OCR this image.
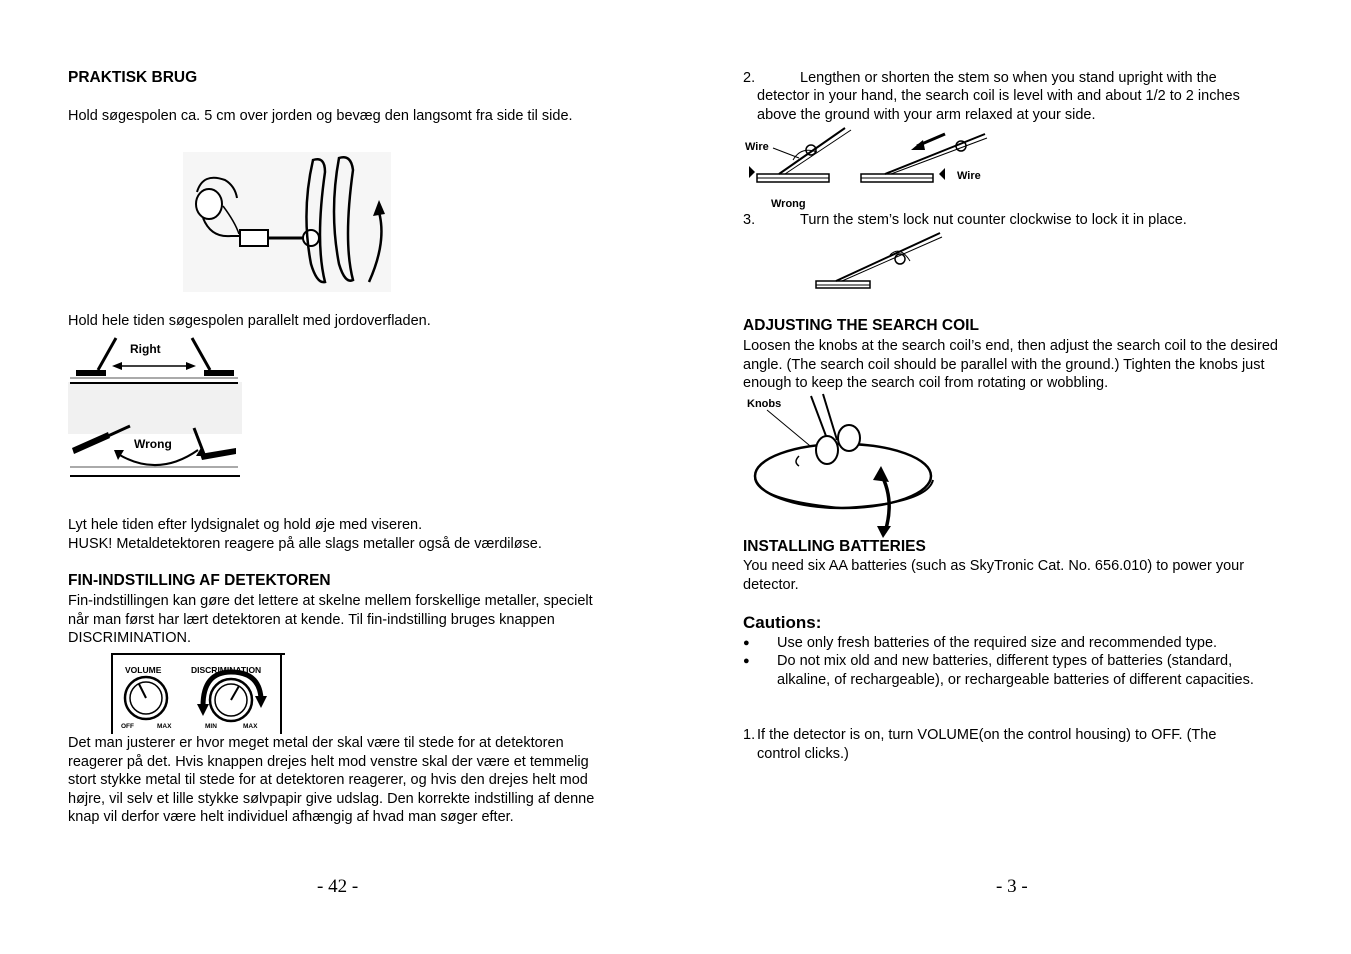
PRAKTISK BRUG
Hold søgespolen ca. 5 cm over jorden og bevæg den langsomt fra side til side.
Hold hele tiden søgespolen parallelt med jordoverfladen.
Right
Wrong
Lyt hele tiden efter lydsignalet og hold øje med viseren.
HUSK! Metaldetektoren reagere på alle slags metaller også de værdiløse.
FIN-INDSTILLING AF DETEKTOREN
Fin-indstillingen kan gøre det lettere at skelne mellem forskellige metaller, specielt når man først har lært detektoren at kende. Til fin-indstilling bruges knappen DISCRIMINATION.
VOLUME	DISCRIMINATION
OFF	MAX	MIN	MAX
Det man justerer er hvor meget metal der skal være til stede for at detektoren reagerer på det. Hvis knappen drejes helt mod venstre skal der være et temmelig stort stykke metal til stede for at detektoren reagerer, og hvis den drejes helt mod højre, vil selv et lille stykke sølvpapir give udslag. Den korrekte indstilling af denne knap vil derfor være helt individuel afhængig af hvad man søger efter.
- 42 -
2.	Lengthen or shorten the stem so when you stand upright with the
detector in your hand, the search coil is level with and about 1/2 to 2 inches above the ground with your arm relaxed at your side.
Wire
Wire
Wrong
3.	Turn the stem’s lock nut counter clockwise to lock it in place.
ADJUSTING THE SEARCH COIL
Loosen the knobs at the search coil’s end, then adjust the search coil to the desired angle. (The search coil should be parallel with the ground.) Tighten the knobs just enough to keep the search coil from rotating or wobbling.
Knobs
INSTALLING BATTERIES
You need six AA batteries (such as SkyTronic Cat. No. 656.010) to power your detector.
Cautions:
● Use only fresh batteries of the required size and recommended type.
● Do not mix old and new batteries, different types of batteries (standard, alkaline, of rechargeable), or rechargeable batteries of different capacities.
1. If the detector is on, turn VOLUME(on the control housing) to OFF. (The
control clicks.)
- 3 -
